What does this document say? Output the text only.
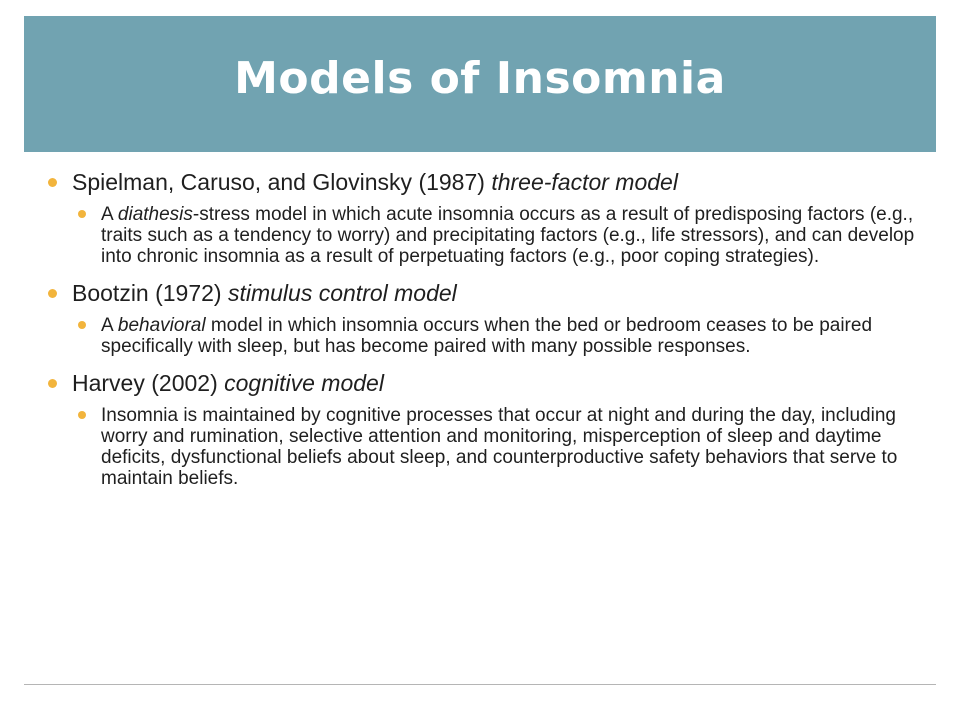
Models of Insomnia
Spielman, Caruso, and Glovinsky (1987) three-factor model
A diathesis-stress model in which acute insomnia occurs as a result of predisposing factors (e.g., traits such as a tendency to worry) and precipitating factors (e.g., life stressors), and can develop into chronic insomnia as a result of perpetuating factors (e.g., poor coping strategies).
Bootzin (1972) stimulus control model
A behavioral model in which insomnia occurs when the bed or bedroom ceases to be paired specifically with sleep, but has become paired with many possible responses.
Harvey (2002) cognitive model
Insomnia is maintained by cognitive processes that occur at night and during the day, including worry and rumination, selective attention and monitoring, misperception of sleep and daytime deficits, dysfunctional beliefs about sleep, and counterproductive safety behaviors that serve to maintain beliefs.
